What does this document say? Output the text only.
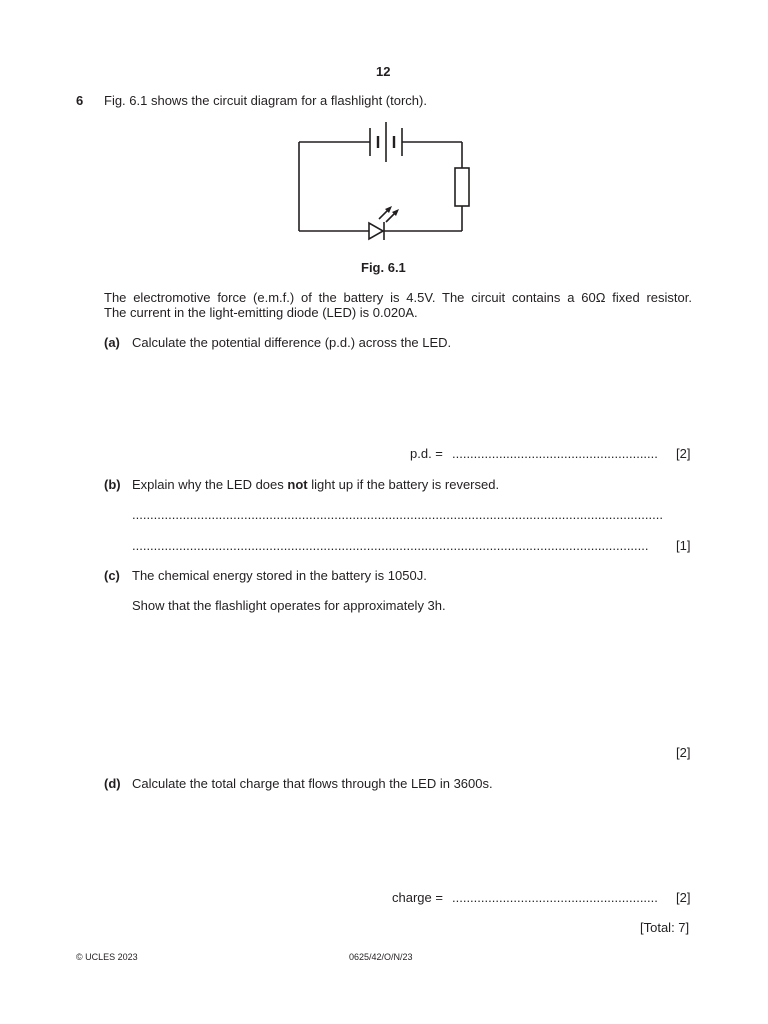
12
6 Fig. 6.1 shows the circuit diagram for a flashlight (torch).
Fig. 6.1
The electromotive force (e.m.f.) of the battery is 4.5V. The circuit contains a 60Ω fixed resistor.
The current in the light-emitting diode (LED) is 0.020A.
(a) Calculate the potential difference (p.d.) across the LED.
p.d. = ......................................................... [2]
(b) Explain why the LED does not light up if the battery is reversed.
...................................................................................................................................................
...............................................................................................................................................	[1]
(c) The chemical energy stored in the battery is 1050J.
Show that the flashlight operates for approximately 3h.
[2]
(d) Calculate the total charge that flows through the LED in 3600s.
charge = ......................................................... [2]
[Total: 7]
© UCLES 2023	0625/42/O/N/23
